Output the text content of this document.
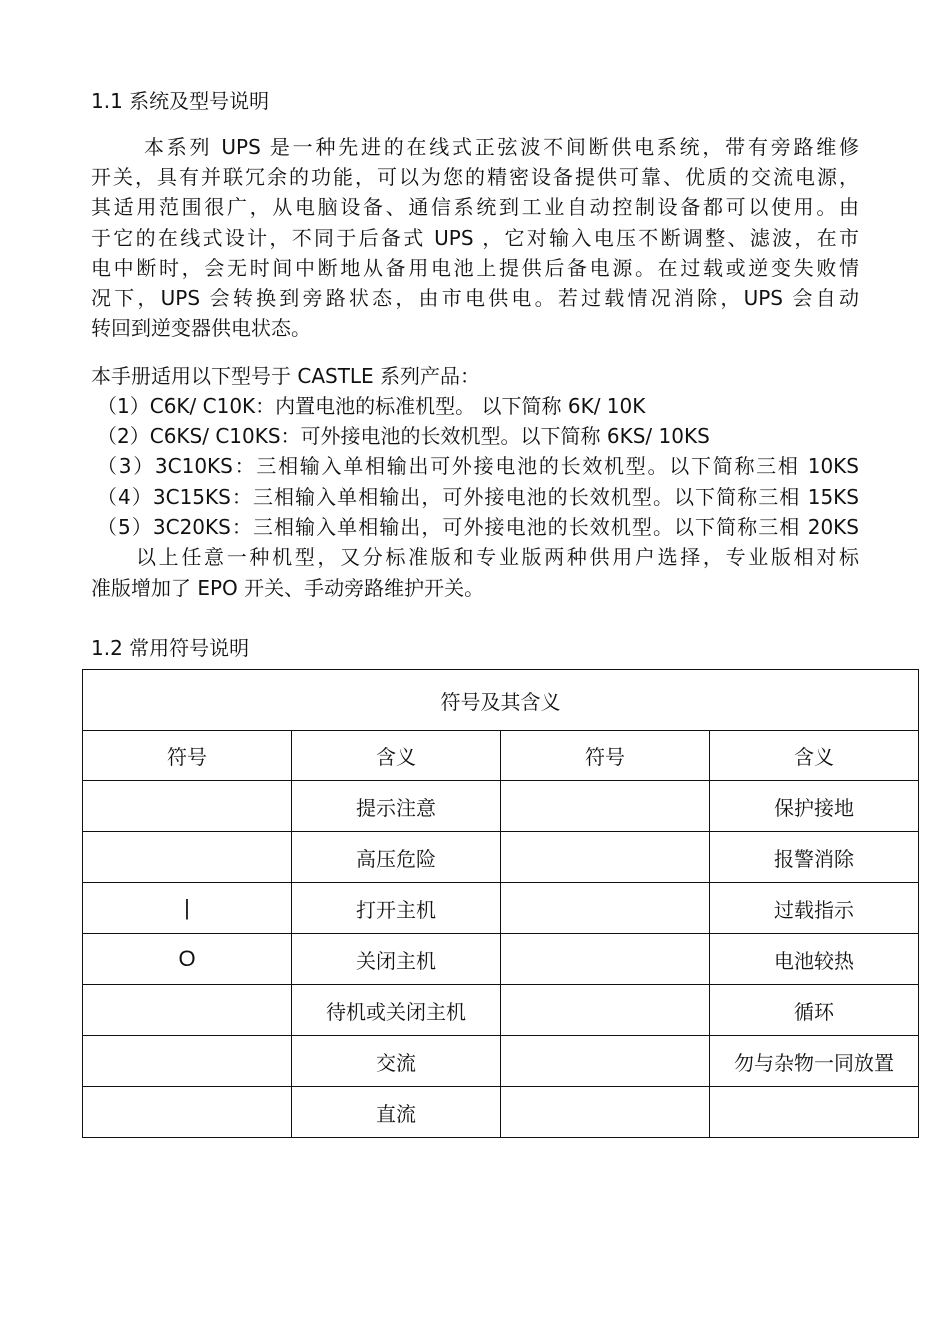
1.1 系统及型号说明
本系列 UPS 是一种先进的在线式正弦波不间断供电系统，带有旁路维修
开关，具有并联冗余的功能，可以为您的精密设备提供可靠、优质的交流电源，
其适用范围很广，从电脑设备、通信系统到工业自动控制设备都可以使用。由
于它的在线式设计，不同于后备式 UPS ，它对输入电压不断调整、滤波，在市
电中断时，会无时间中断地从备用电池上提供后备电源。在过载或逆变失败情
况下，UPS 会转换到旁路状态，由市电供电。若过载情况消除，UPS 会自动
转回到逆变器供电状态。
本手册适用以下型号于 CASTLE 系列产品：
（1）C6K/ C10K：内置电池的标准机型。 以下简称 6K/ 10K
（2）C6KS/ C10KS：可外接电池的长效机型。以下简称 6KS/ 10KS
（3）3C10KS：三相输入单相输出可外接电池的长效机型。以下简称三相 10KS
（4）3C15KS：三相输入单相输出，可外接电池的长效机型。以下简称三相 15KS
（5）3C20KS：三相输入单相输出，可外接电池的长效机型。以下简称三相 20KS
以上任意一种机型，又分标准版和专业版两种供用户选择，专业版相对标
准版增加了 EPO 开关、手动旁路维护开关。
1.2 常用符号说明
符号及其含义			
符号	含义	符号	含义
	提示注意		保护接地
	高压危险		报警消除
|	打开主机		过载指示
O	关闭主机		电池较热
	待机或关闭主机		循环
	交流		勿与杂物一同放置
	直流		
